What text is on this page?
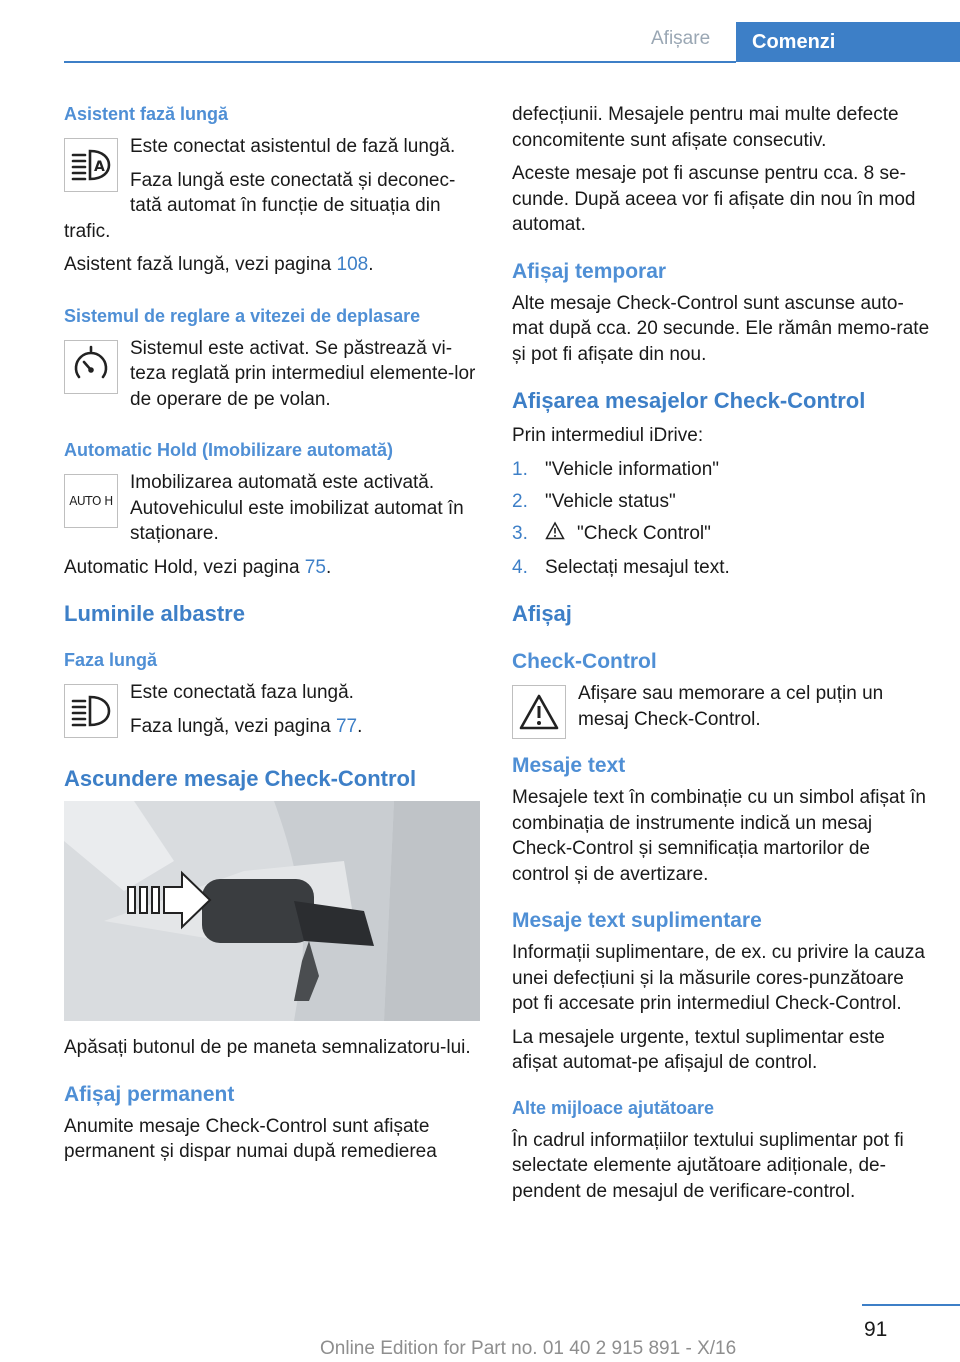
Afișare	Comenzi
Asistent fază lungă
A

Este conectat asistentul de fază lungă.

Faza lungă este conectată și deconec‐tată automat în funcție de situația din

trafic.

Asistent fază lungă, vezi pagina 108.

Sistemul de reglare a vitezei de deplasare

Sistemul este activat. Se păstrează vi‐teza reglată prin intermediul elemente‐lor de operare de pe volan.

Automatic Hold (Imobilizare automată)
AUTO H

Imobilizarea automată este activată. Autovehiculul este imobilizat automat în staționare.

Automatic Hold, vezi pagina 75.

Luminile albastre
Faza lungă

Este conectată faza lungă.

Faza lungă, vezi pagina 77.

Ascundere mesaje Check-Control

Apăsați butonul de pe maneta semnalizatoru‐lui.

Afișaj permanent

Anumite mesaje Check-Control sunt afișate permanent și dispar numai după remedierea

defecțiunii. Mesajele pentru mai multe defecte concomitente sunt afișate consecutiv.

Aceste mesaje pot fi ascunse pentru cca. 8 se‐cunde. După aceea vor fi afișate din nou în mod automat.

Afișaj temporar

Alte mesaje Check-Control sunt ascunse auto‐mat după cca. 20 secunde. Ele rămân memo‐rate și pot fi afișate din nou.

Afișarea mesajelor Check-Control

Prin intermediul iDrive:

1. "Vehicle information"
2. "Vehicle status"
3.	"Check Control"
4. Selectați mesajul text.
Afișaj
Check-Control

Afișare sau memorare a cel puțin un mesaj Check-Control.

Mesaje text

Mesajele text în combinație cu un simbol afișat în combinația de instrumente indică un mesaj Check-Control și semnificația martorilor de control și de avertizare.

Mesaje text suplimentare

Informații suplimentare, de ex. cu privire la cauza unei defecțiuni și la măsurile cores‐punzătoare pot fi accesate prin intermediul Check-Control.

La mesajele urgente, textul suplimentar este afișat automat-pe afișajul de control.

Alte mijloace ajutătoare

În cadrul informațiilor textului suplimentar pot fi selectate elemente ajutătoare adiționale, de‐pendent de mesajul de verificare-control.

91
Online Edition for Part no. 01 40 2 915 891 - X/16
